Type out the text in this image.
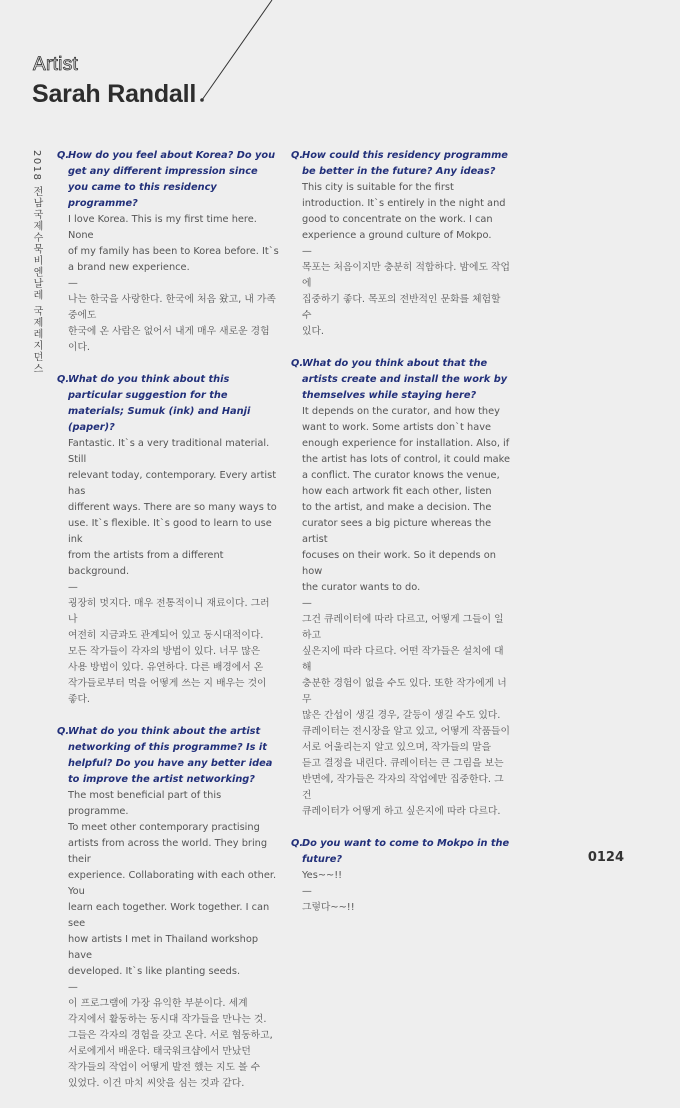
Artist
Sarah Randall
2018 전남국제수묵비엔날레 국제레지던스 Q.
How do you feel about Korea? Do you get any different impression since you came to this residency programme?
I love Korea. This is my first time here. None
of my family has been to Korea before. It`s
a brand new experience.
—
나는 한국을 사랑한다. 한국에 처음 왔고, 내 가족 중에도
한국에 온 사람은 없어서 내게 매우 새로운 경험이다.
Q.
What do you think about this particular suggestion for the materials; Sumuk (ink) and Hanji (paper)?
Fantastic. It`s a very traditional material. Still
relevant today, contemporary. Every artist has
different ways. There are so many ways to
use. It`s flexible. It`s good to learn to use ink
from the artists from a different background.
—
굉장히 멋지다. 매우 전통적이니 재료이다. 그러나
여전히 지금과도 관계되어 있고 동시대적이다.
모든 작가들이 각자의 방법이 있다. 너무 많은
사용 방법이 있다. 유연하다. 다른 배경에서 온
작가들로부터 먹을 어떻게 쓰는 지 배우는 것이 좋다.
Q.
What do you think about the artist networking of this programme? Is it helpful? Do you have any better idea to improve the artist networking?
The most beneficial part of this programme.
To meet other contemporary practising
artists from across the world. They bring their
experience. Collaborating with each other. You
learn each together. Work together. I can see
how artists I met in Thailand workshop have
developed. It`s like planting seeds.
—
이 프로그램에 가장 유익한 부분이다. 세계
각지에서 활동하는 동시대 작가들을 만나는 것.
그들은 각자의 경험을 갖고 온다. 서로 협동하고,
서로에게서 배운다. 태국워크샵에서 만났던
작가들의 작업이 어떻게 발전 했는 지도 볼 수
있었다. 이건 마치 씨앗을 심는 것과 같다.
Q.
How could this residency programme be better in the future? Any ideas?
This city is suitable for the first
introduction. It`s entirely in the night and
good to concentrate on the work. I can
experience a ground culture of Mokpo.
—
목포는 처음이지만 충분히 적합하다. 밤에도 작업에
집중하기 좋다. 목포의 전반적인 문화를 체험할 수
있다.
Q.
What do you think about that the artists create and install the work by themselves while staying here?
It depends on the curator, and how they
want to work. Some artists don`t have
enough experience for installation. Also, if
the artist has lots of control, it could make
a conflict. The curator knows the venue,
how each artwork fit each other, listen
to the artist, and make a decision. The
curator sees a big picture whereas the artist
focuses on their work. So it depends on how
the curator wants to do.
—
그건 큐레이터에 따라 다르고, 어떻게 그들이 일하고
싶은지에 따라 다르다. 어떤 작가들은 설치에 대해
충분한 경험이 없을 수도 있다. 또한 작가에게 너무
많은 간섭이 생길 경우, 갈등이 생길 수도 있다.
큐레이터는 전시장을 알고 있고, 어떻게 작품들이
서로 어울리는지 알고 있으며, 작가들의 말을
듣고 결정을 내린다. 큐레이터는 큰 그림을 보는
반면에, 작가들은 각자의 작업에만 집중한다. 그건
큐레이터가 어떻게 하고 싶은지에 따라 다르다.
Q.
Do you want to come to Mokpo in the future?
Yes~~!!
—
그렇다~~!!
0124
